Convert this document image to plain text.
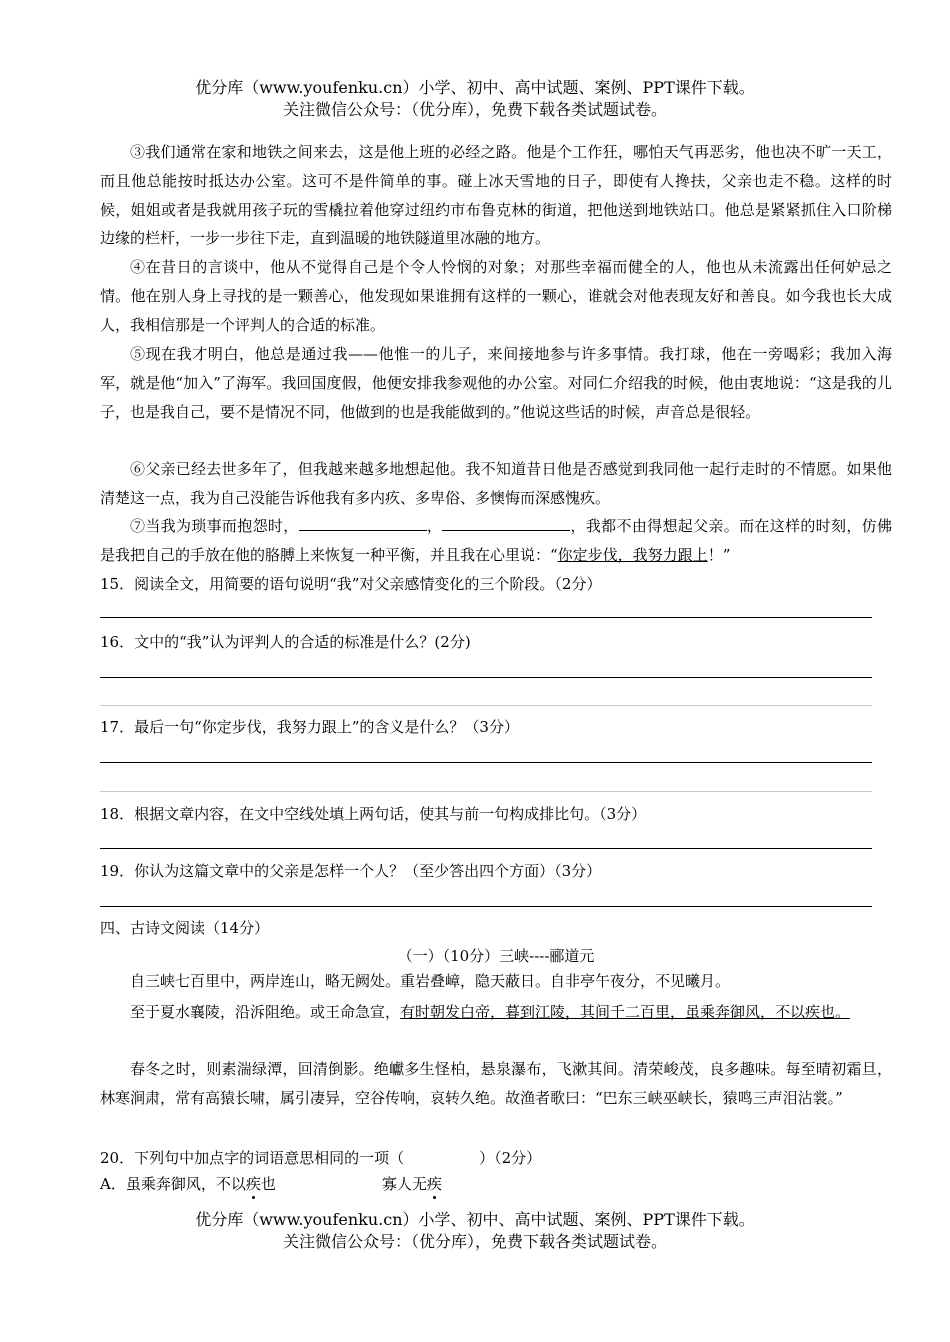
优分库（www.youfenku.cn）小学、初中、高中试题、案例、PPT课件下载。
关注微信公众号：（优分库），免费下载各类试题试卷。

③我们通常在家和地铁之间来去，这是他上班的必经之路。他是个工作狂，哪怕天气再恶劣，他也决不旷一天工，而且他总能按时抵达办公室。这可不是件简单的事。碰上冰天雪地的日子，即使有人搀扶，父亲也走不稳。这样的时候，姐姐或者是我就用孩子玩的雪橇拉着他穿过纽约市布鲁克林的街道，把他送到地铁站口。他总是紧紧抓住入口阶梯边缘的栏杆，一步一步往下走，直到温暖的地铁隧道里冰融的地方。

④在昔日的言谈中，他从不觉得自己是个令人怜悯的对象；对那些幸福而健全的人，他也从未流露出任何妒忌之情。他在别人身上寻找的是一颗善心，他发现如果谁拥有这样的一颗心，谁就会对他表现友好和善良。如今我也长大成人，我相信那是一个评判人的合适的标准。

⑤现在我才明白，他总是通过我——他惟一的儿子，来间接地参与许多事情。我打球，他在一旁喝彩；我加入海军，就是他“加入”了海军。我回国度假，他便安排我参观他的办公室。对同仁介绍我的时候，他由衷地说：“这是我的儿子，也是我自己，要不是情况不同，他做到的也是我能做到的。”他说这些话的时候，声音总是很轻。

⑥父亲已经去世多年了，但我越来越多地想起他。我不知道昔日他是否感觉到我同他一起行走时的不情愿。如果他清楚这一点，我为自己没能告诉他我有多内疚、多卑俗、多懊悔而深感愧疚。

⑦当我为琐事而抱怨时，	，	，我都不由得想起父亲。而在这样的时刻，仿佛是我把自己的手放在他的胳膊上来恢复一种平衡，并且我在心里说：“你定步伐，我努力跟上！”

15．阅读全文，用简要的语句说明“我”对父亲感情变化的三个阶段。（2分）

16．文中的“我”认为评判人的合适的标准是什么？(2分)

17．最后一句“你定步伐，我努力跟上”的含义是什么？（3分）

18．根据文章内容，在文中空线处填上两句话，使其与前一句构成排比句。（3分）

19．你认为这篇文章中的父亲是怎样一个人？（至少答出四个方面）（3分）

四、古诗文阅读（14分）

（一）（10分）三峡----郦道元

自三峡七百里中，两岸连山，略无阙处。重岩叠嶂，隐天蔽日。自非亭午夜分，不见曦月。

至于夏水襄陵，沿泝阻绝。或王命急宣，有时朝发白帝，暮到江陵，其间千二百里，虽乘奔御风，不以疾也。

春冬之时，则素湍绿潭，回清倒影。绝巘多生怪柏，悬泉瀑布，飞漱其间。清荣峻茂，良多趣味。每至晴初霜旦，林寒涧肃，常有高猿长啸，属引凄异，空谷传响，哀转久绝。故渔者歌曰：“巴东三峡巫峡长，猿鸣三声泪沾裳。”

20．下列句中加点字的词语意思相同的一项（　　　　　）（2分）

A．虽乘奔御风，不以疾也	寡人无疾

优分库（www.youfenku.cn）小学、初中、高中试题、案例、PPT课件下载。
关注微信公众号：（优分库），免费下载各类试题试卷。
